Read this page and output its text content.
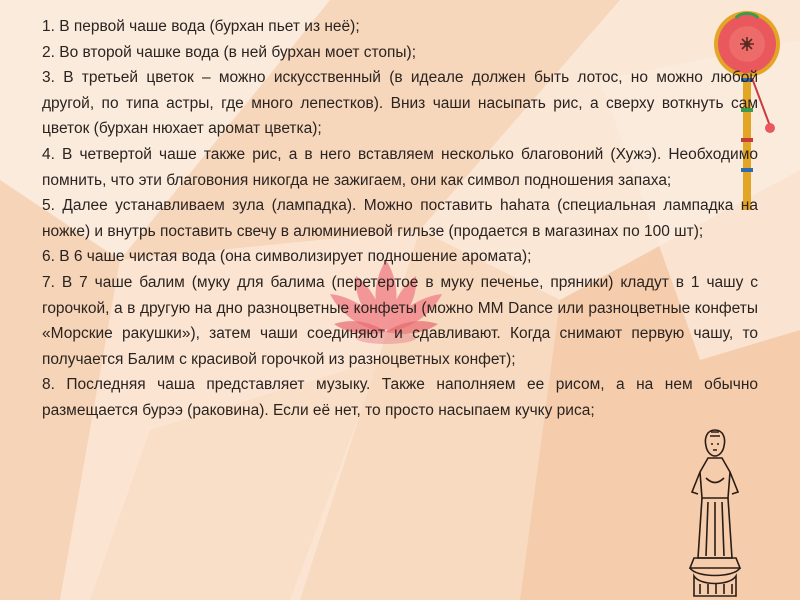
1. В первой чаше вода (бурхан пьет из неё);

2. Во второй чашке вода (в ней бурхан моет стопы);

3. В третьей цветок – можно искусственный (в идеале должен быть лотос, но можно любой другой, по типа астры, где много лепестков). Вниз чаши насыпать рис, а сверху воткнуть сам цветок (бурхан нюхает аромат цветка);

4. В четвертой чаше также рис, а в него вставляем несколько благовоний (Хужэ). Необходимо помнить, что эти благовония никогда не зажигаем, они как символ подношения запаха;

5. Далее устанавливаем зула (лампадка). Можно поставить һаhата (специальная лампадка на ножке) и внутрь поставить свечу в алюминиевой гильзе (продается в магазинах по 100 шт);

6. В 6 чаше чистая вода (она символизирует подношение аромата);

7. В 7 чаше балим (муку для балима (перетертое в муку печенье, пряники) кладут в 1 чашу с горочкой, а в другую на дно разноцветные конфеты (можно ММ Dance или разноцветные конфеты «Морские ракушки»), затем чаши соединяют и сдавливают. Когда снимают первую чашу, то получается Балим с красивой горочкой из разноцветных конфет);

8. Последняя чаша представляет музыку. Также наполняем ее рисом, а на нем обычно размещается бурээ (раковина). Если её нет, то просто насыпаем кучку риса;
